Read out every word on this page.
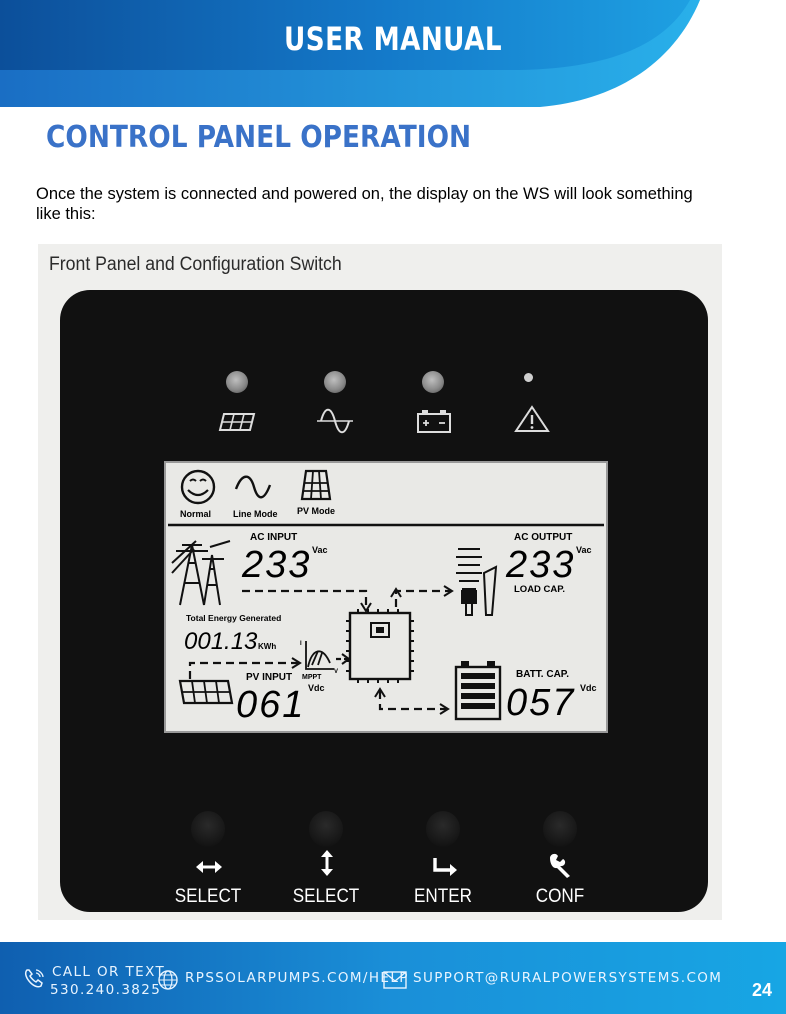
USER MANUAL
CONTROL PANEL OPERATION
Once the system is connected and powered on, the display on the WS will look something like this:
Front Panel and Configuration Switch
Normal Line Mode PV Mode
AC INPUT
233 Vac
AC OUTPUT
233 Vac
LOAD CAP.
Total Energy Generated
001.13 KWh	I
V
MPPT
PV INPUT
061 Vdc
BATT. CAP.
057 Vdc
SELECT	SELECT	ENTER	CONF
CALL OR TEXT
530.240.3825
RPSSOLARPUMPS.COM/HELP SUPPORT@RURALPOWERSYSTEMS.COM
24
